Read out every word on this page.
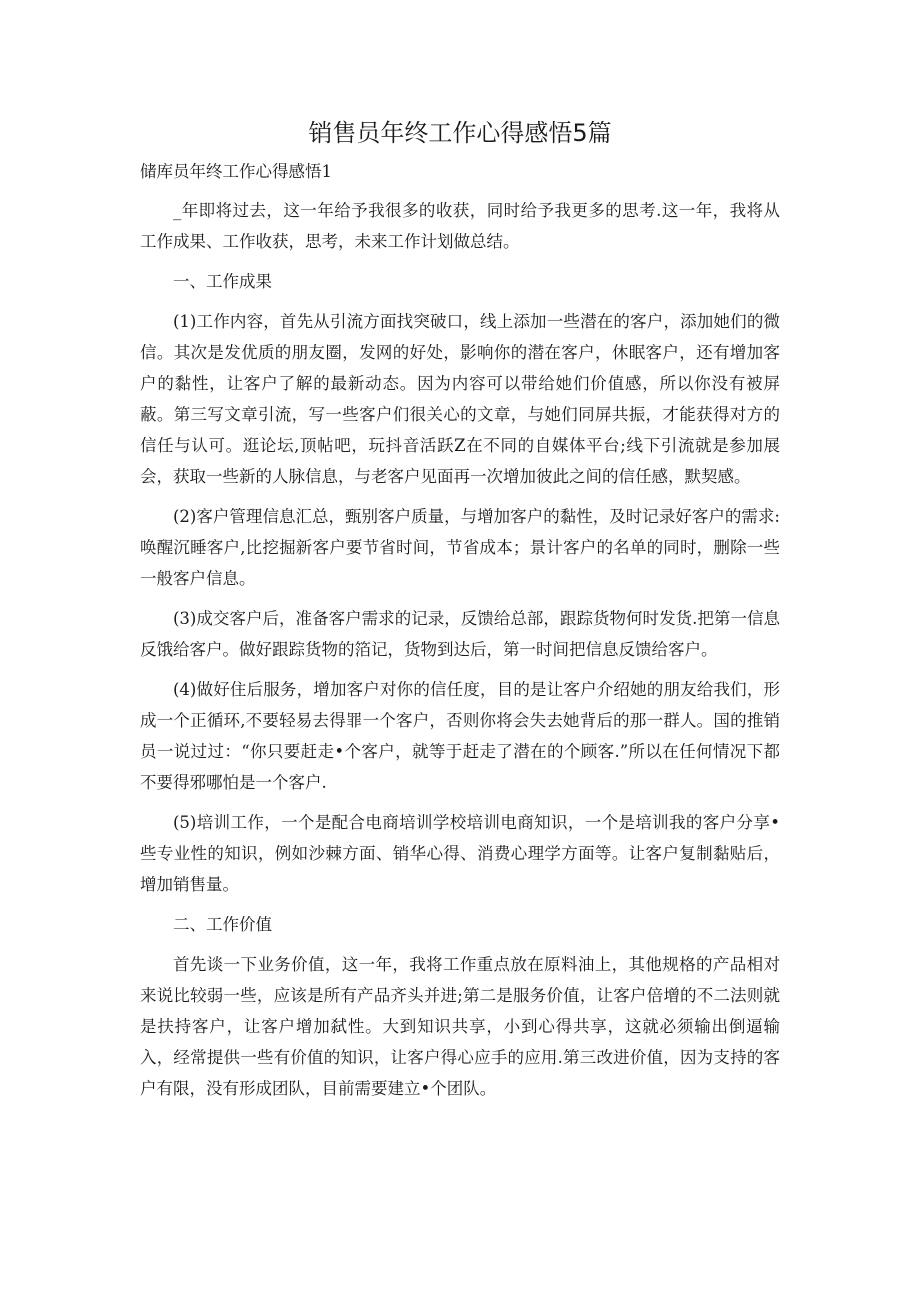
销售员年终工作心得感悟5篇

储库员年终工作心得感悟1

_年即将过去，这一年给予我很多的收获，同时给予我更多的思考.这一年，我将从工作成果、工作收获，思考，未来工作计划做总结。

一、工作成果

(1)工作内容，首先从引流方面找突破口，线上添加一些潜在的客户，添加她们的微信。其次是发优质的朋友圈，发网的好处，影响你的潜在客户，休眠客户，还有增加客户的黏性，让客户了解的最新动态。因为内容可以带给她们价值感，所以你没有被屏蔽。第三写文章引流，写一些客户们很关心的文章，与她们同屏共振，才能获得对方的信任与认可。逛论坛,顶帖吧，玩抖音活跃Z在不同的自媒体平台;线下引流就是参加展会，获取一些新的人脉信息，与老客户见面再一次增加彼此之间的信任感，默契感。

(2)客户管理信息汇总，甄别客户质量，与增加客户的黏性，及时记录好客户的需求:唤醒沉睡客户,比挖掘新客户要节省时间，节省成本；景计客户的名单的同时，删除一些一般客户信息。

(3)成交客户后，准备客户需求的记录，反馈给总部，跟踪货物何时发货.把第一信息反饿给客户。做好跟踪货物的箔记，货物到达后，第一时间把信息反馈给客户。

(4)做好住后服务，增加客户对你的信任度，目的是让客户介绍她的朋友给我们，形成一个正循环,不要轻易去得罪一个客户，否则你将会失去她背后的那一群人。国的推销员一说过过：“你只要赶走•个客户，就等于赶走了潜在的个顾客.”所以在任何情况下都不要得邪哪怕是一个客户.

(5)培训工作，一个是配合电商培训学校培训电商知识，一个是培训我的客户分享•些专业性的知识，例如沙棘方面、销华心得、消费心理学方面等。让客户复制黏贴后，增加销售量。

二、工作价值

首先谈一下业务价值，这一年，我将工作重点放在原料油上，其他规格的产品相对来说比较弱一些，应该是所有产品齐头并进;第二是服务价值，让客户倍增的不二法则就是扶持客户，让客户增加弑性。大到知识共享，小到心得共享，这就必须输出倒逼输入，经常提供一些有价值的知识，让客户得心应手的应用.第三改进价值，因为支持的客户有限，没有形成团队，目前需要建立•个团队。
